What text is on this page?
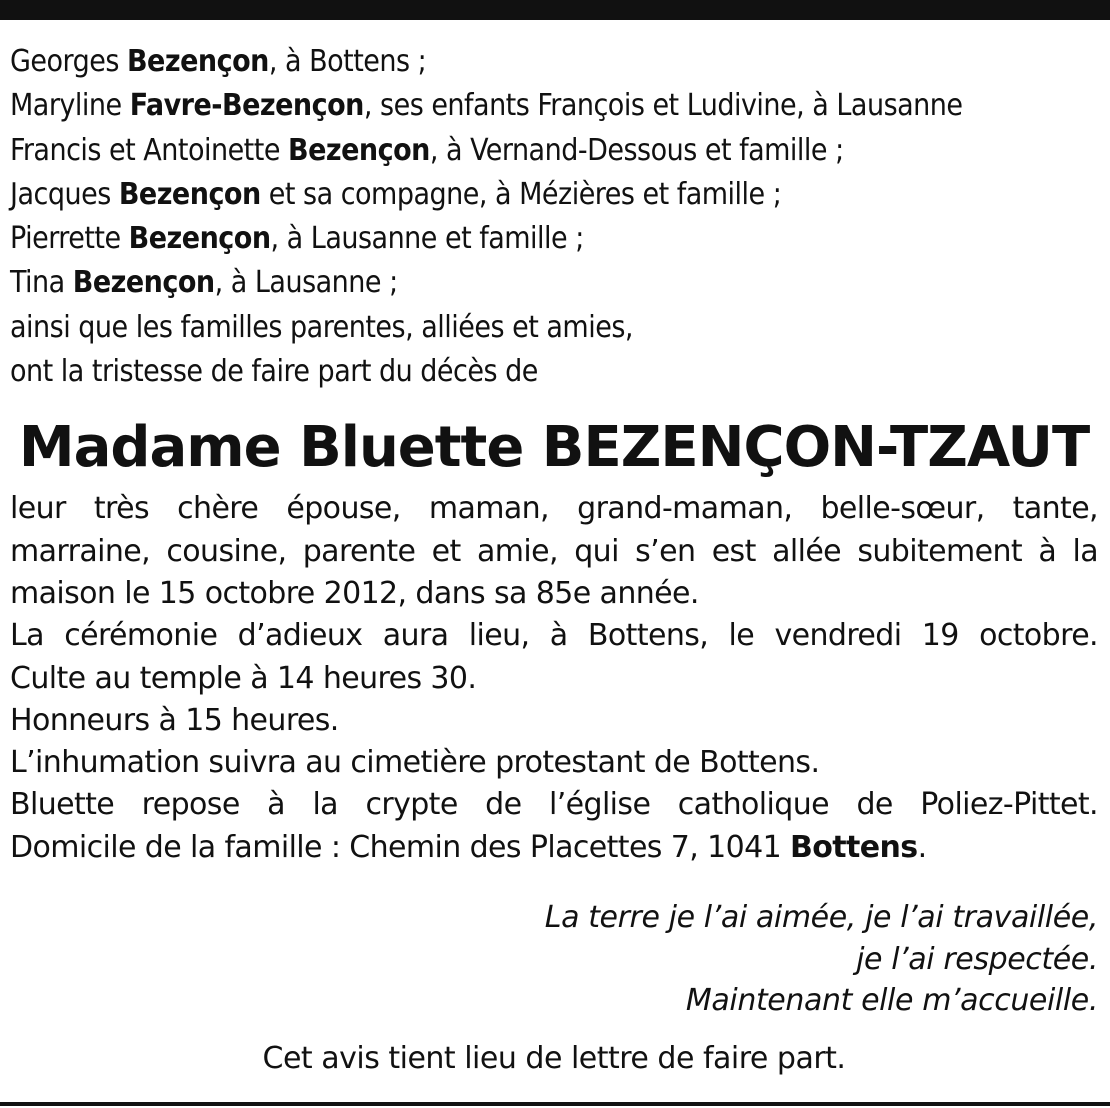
Georges Bezençon, à Bottens ;
Maryline Favre-Bezençon, ses enfants François et Ludivine, à Lausanne
Francis et Antoinette Bezençon, à Vernand-Dessous et famille ;
Jacques Bezençon et sa compagne, à Mézières et famille ;
Pierrette Bezençon, à Lausanne et famille ;
Tina Bezençon, à Lausanne ;
ainsi que les familles parentes, alliées et amies,
ont la tristesse de faire part du décès de
Madame Bluette BEZENÇON-TZAUT

leur très chère épouse, maman, grand-maman, belle-sœur, tante, marraine, cousine, parente et amie, qui s’en est allée subitement à la maison le 15 octobre 2012, dans sa 85e année.

La cérémonie d’adieux aura lieu, à Bottens, le vendredi 19 octobre.

Culte au temple à 14 heures 30.

Honneurs à 15 heures.

L’inhumation suivra au cimetière protestant de Bottens.

Bluette repose à la crypte de l’église catholique de Poliez-Pittet.

Domicile de la famille : Chemin des Placettes 7, 1041 Bottens.

La terre je l’ai aimée, je l’ai travaillée,
je l’ai respectée.
Maintenant elle m’accueille.
Cet avis tient lieu de lettre de faire part.
